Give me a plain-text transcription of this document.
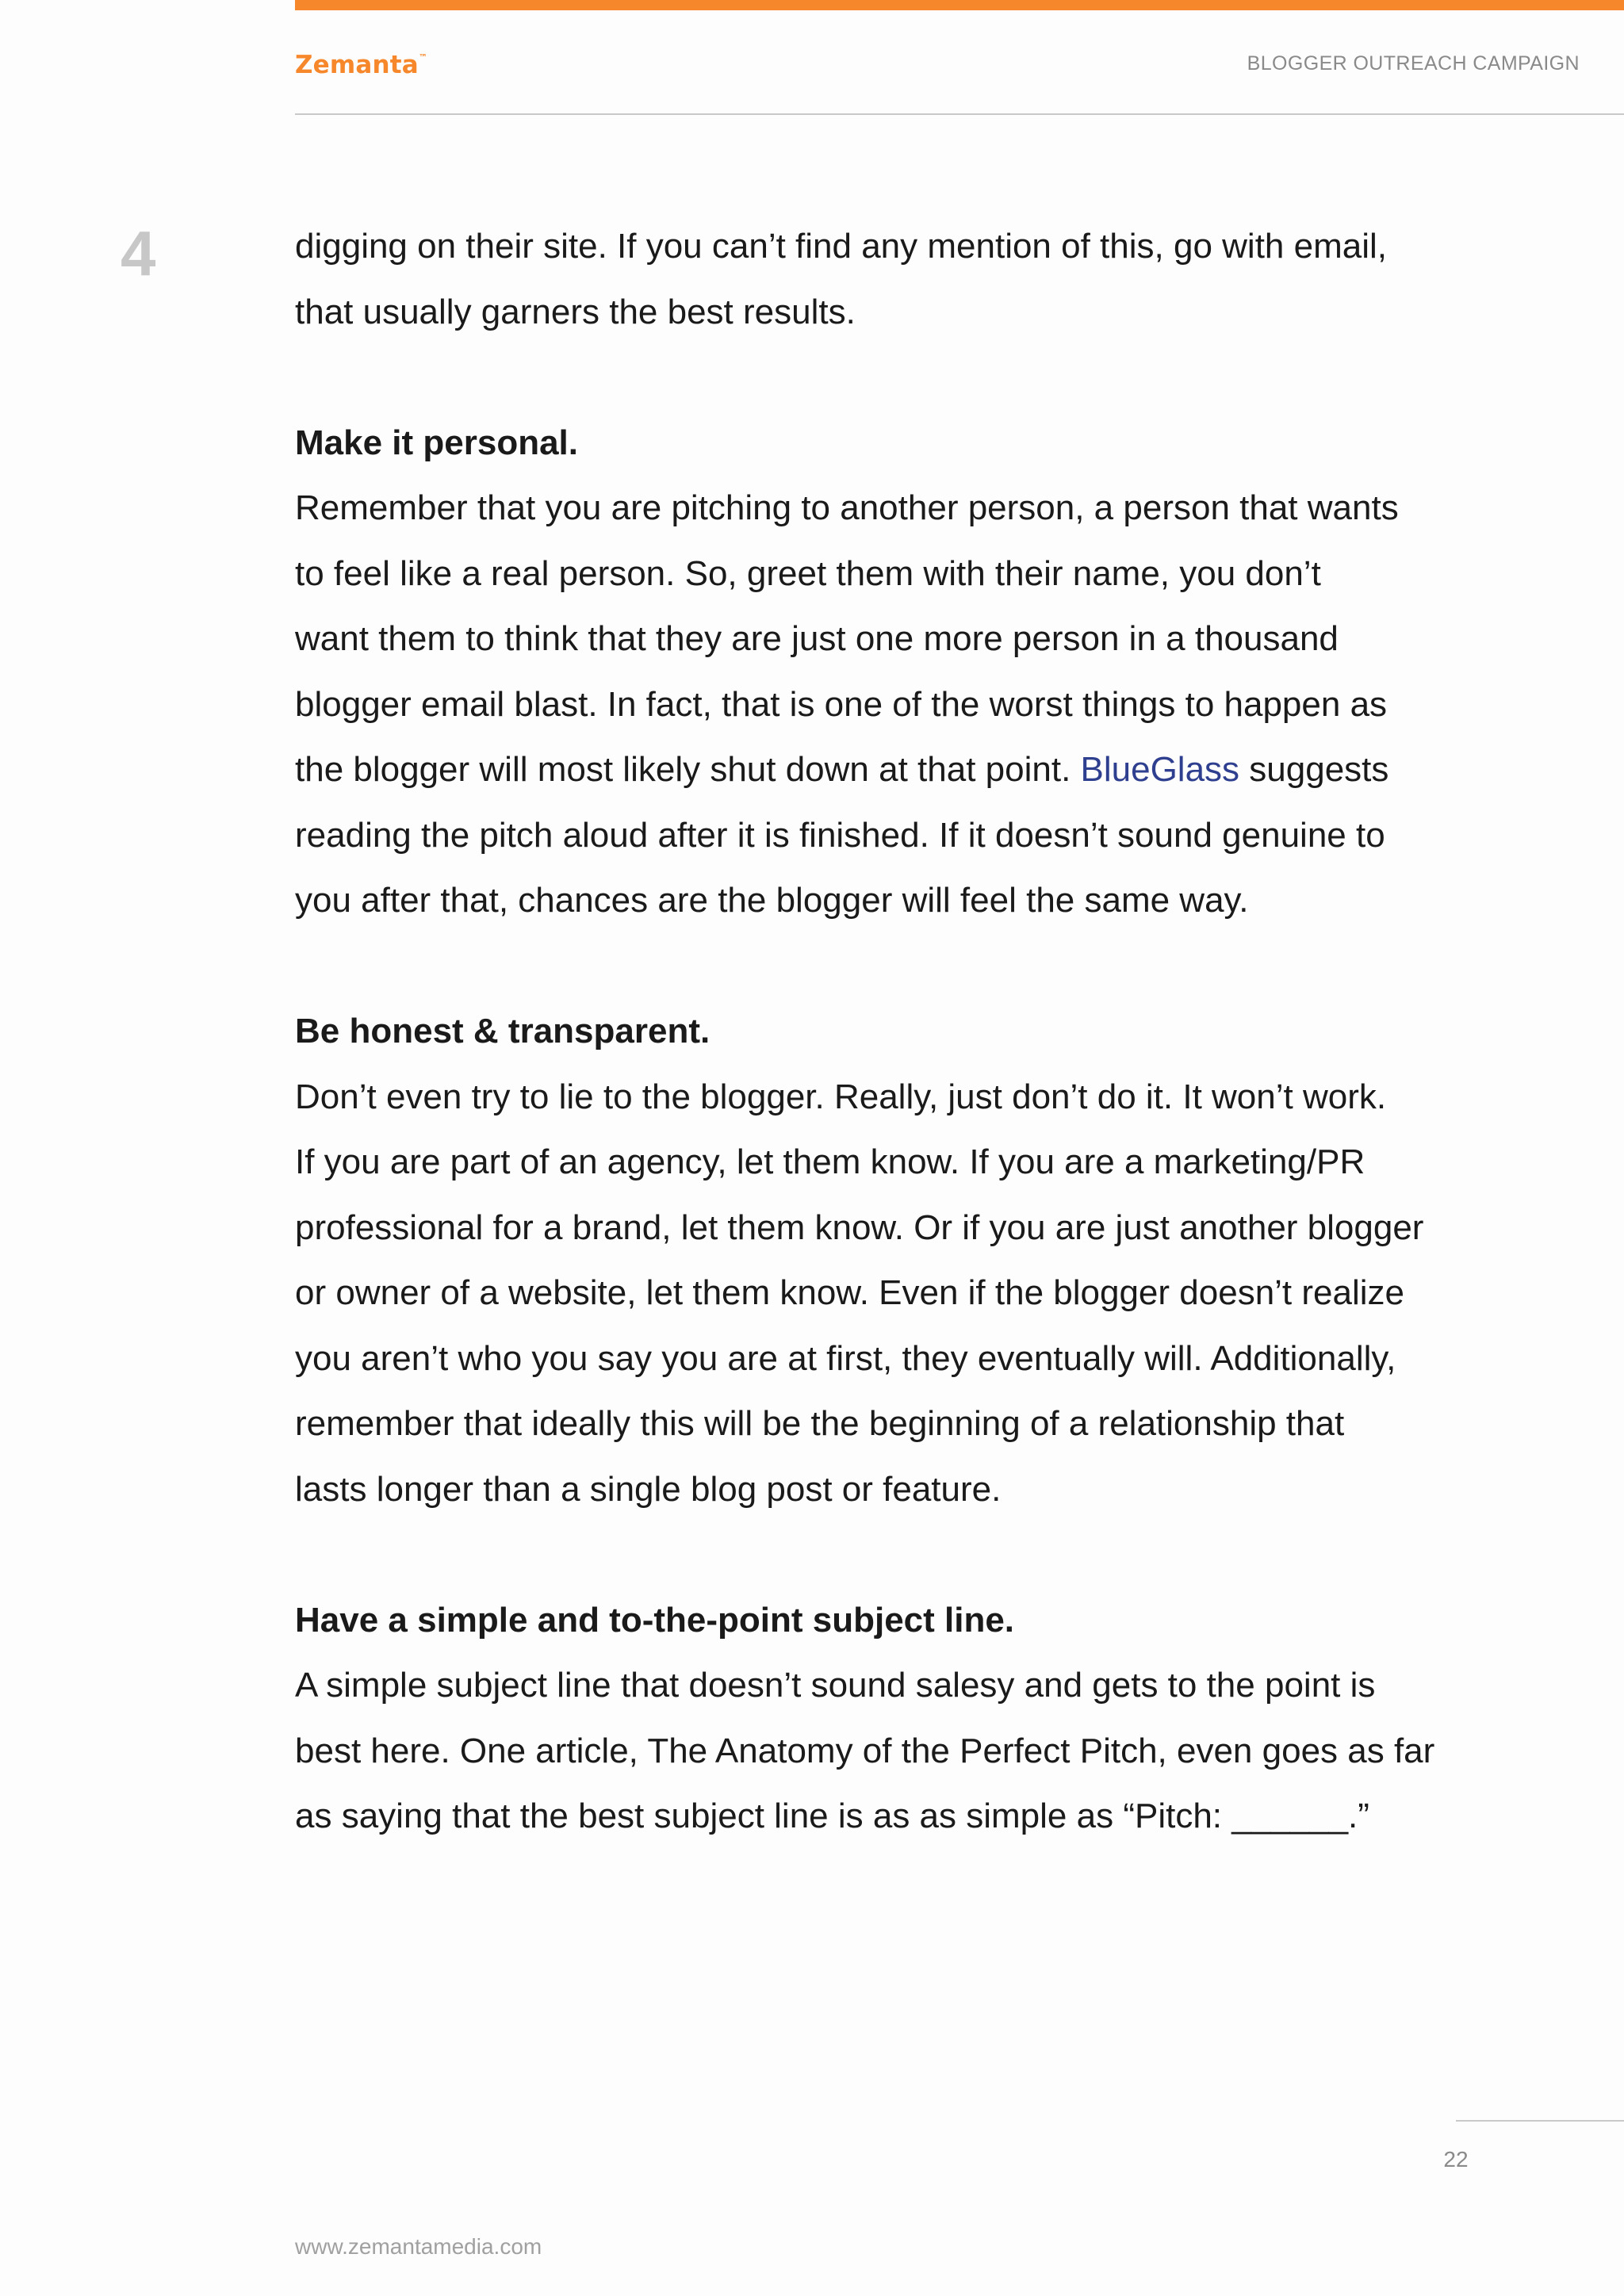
Zemanta™	BLOGGER OUTREACH CAMPAIGN
4	digging on their site. If you can’t find any mention of this, go with email,

that usually garners the best results.

Make it personal.

Remember that you are pitching to another person, a person that wants

to feel like a real person. So, greet them with their name, you don’t

want them to think that they are just one more person in a thousand

blogger email blast. In fact, that is one of the worst things to happen as

the blogger will most likely shut down at that point. BlueGlass suggests

reading the pitch aloud after it is finished. If it doesn’t sound genuine to

you after that, chances are the blogger will feel the same way.

Be honest & transparent.

Don’t even try to lie to the blogger. Really, just don’t do it. It won’t work.

If you are part of an agency, let them know. If you are a marketing/PR

professional for a brand, let them know. Or if you are just another blogger

or owner of a website, let them know. Even if the blogger doesn’t realize

you aren’t who you say you are at first, they eventually will. Additionally,

remember that ideally this will be the beginning of a relationship that

lasts longer than a single blog post or feature.

Have a simple and to-the-point subject line.

A simple subject line that doesn’t sound salesy and gets to the point is

best here. One article, The Anatomy of the Perfect Pitch, even goes as far

as saying that the best subject line is as as simple as “Pitch: ______.”

22
www.zemantamedia.com
